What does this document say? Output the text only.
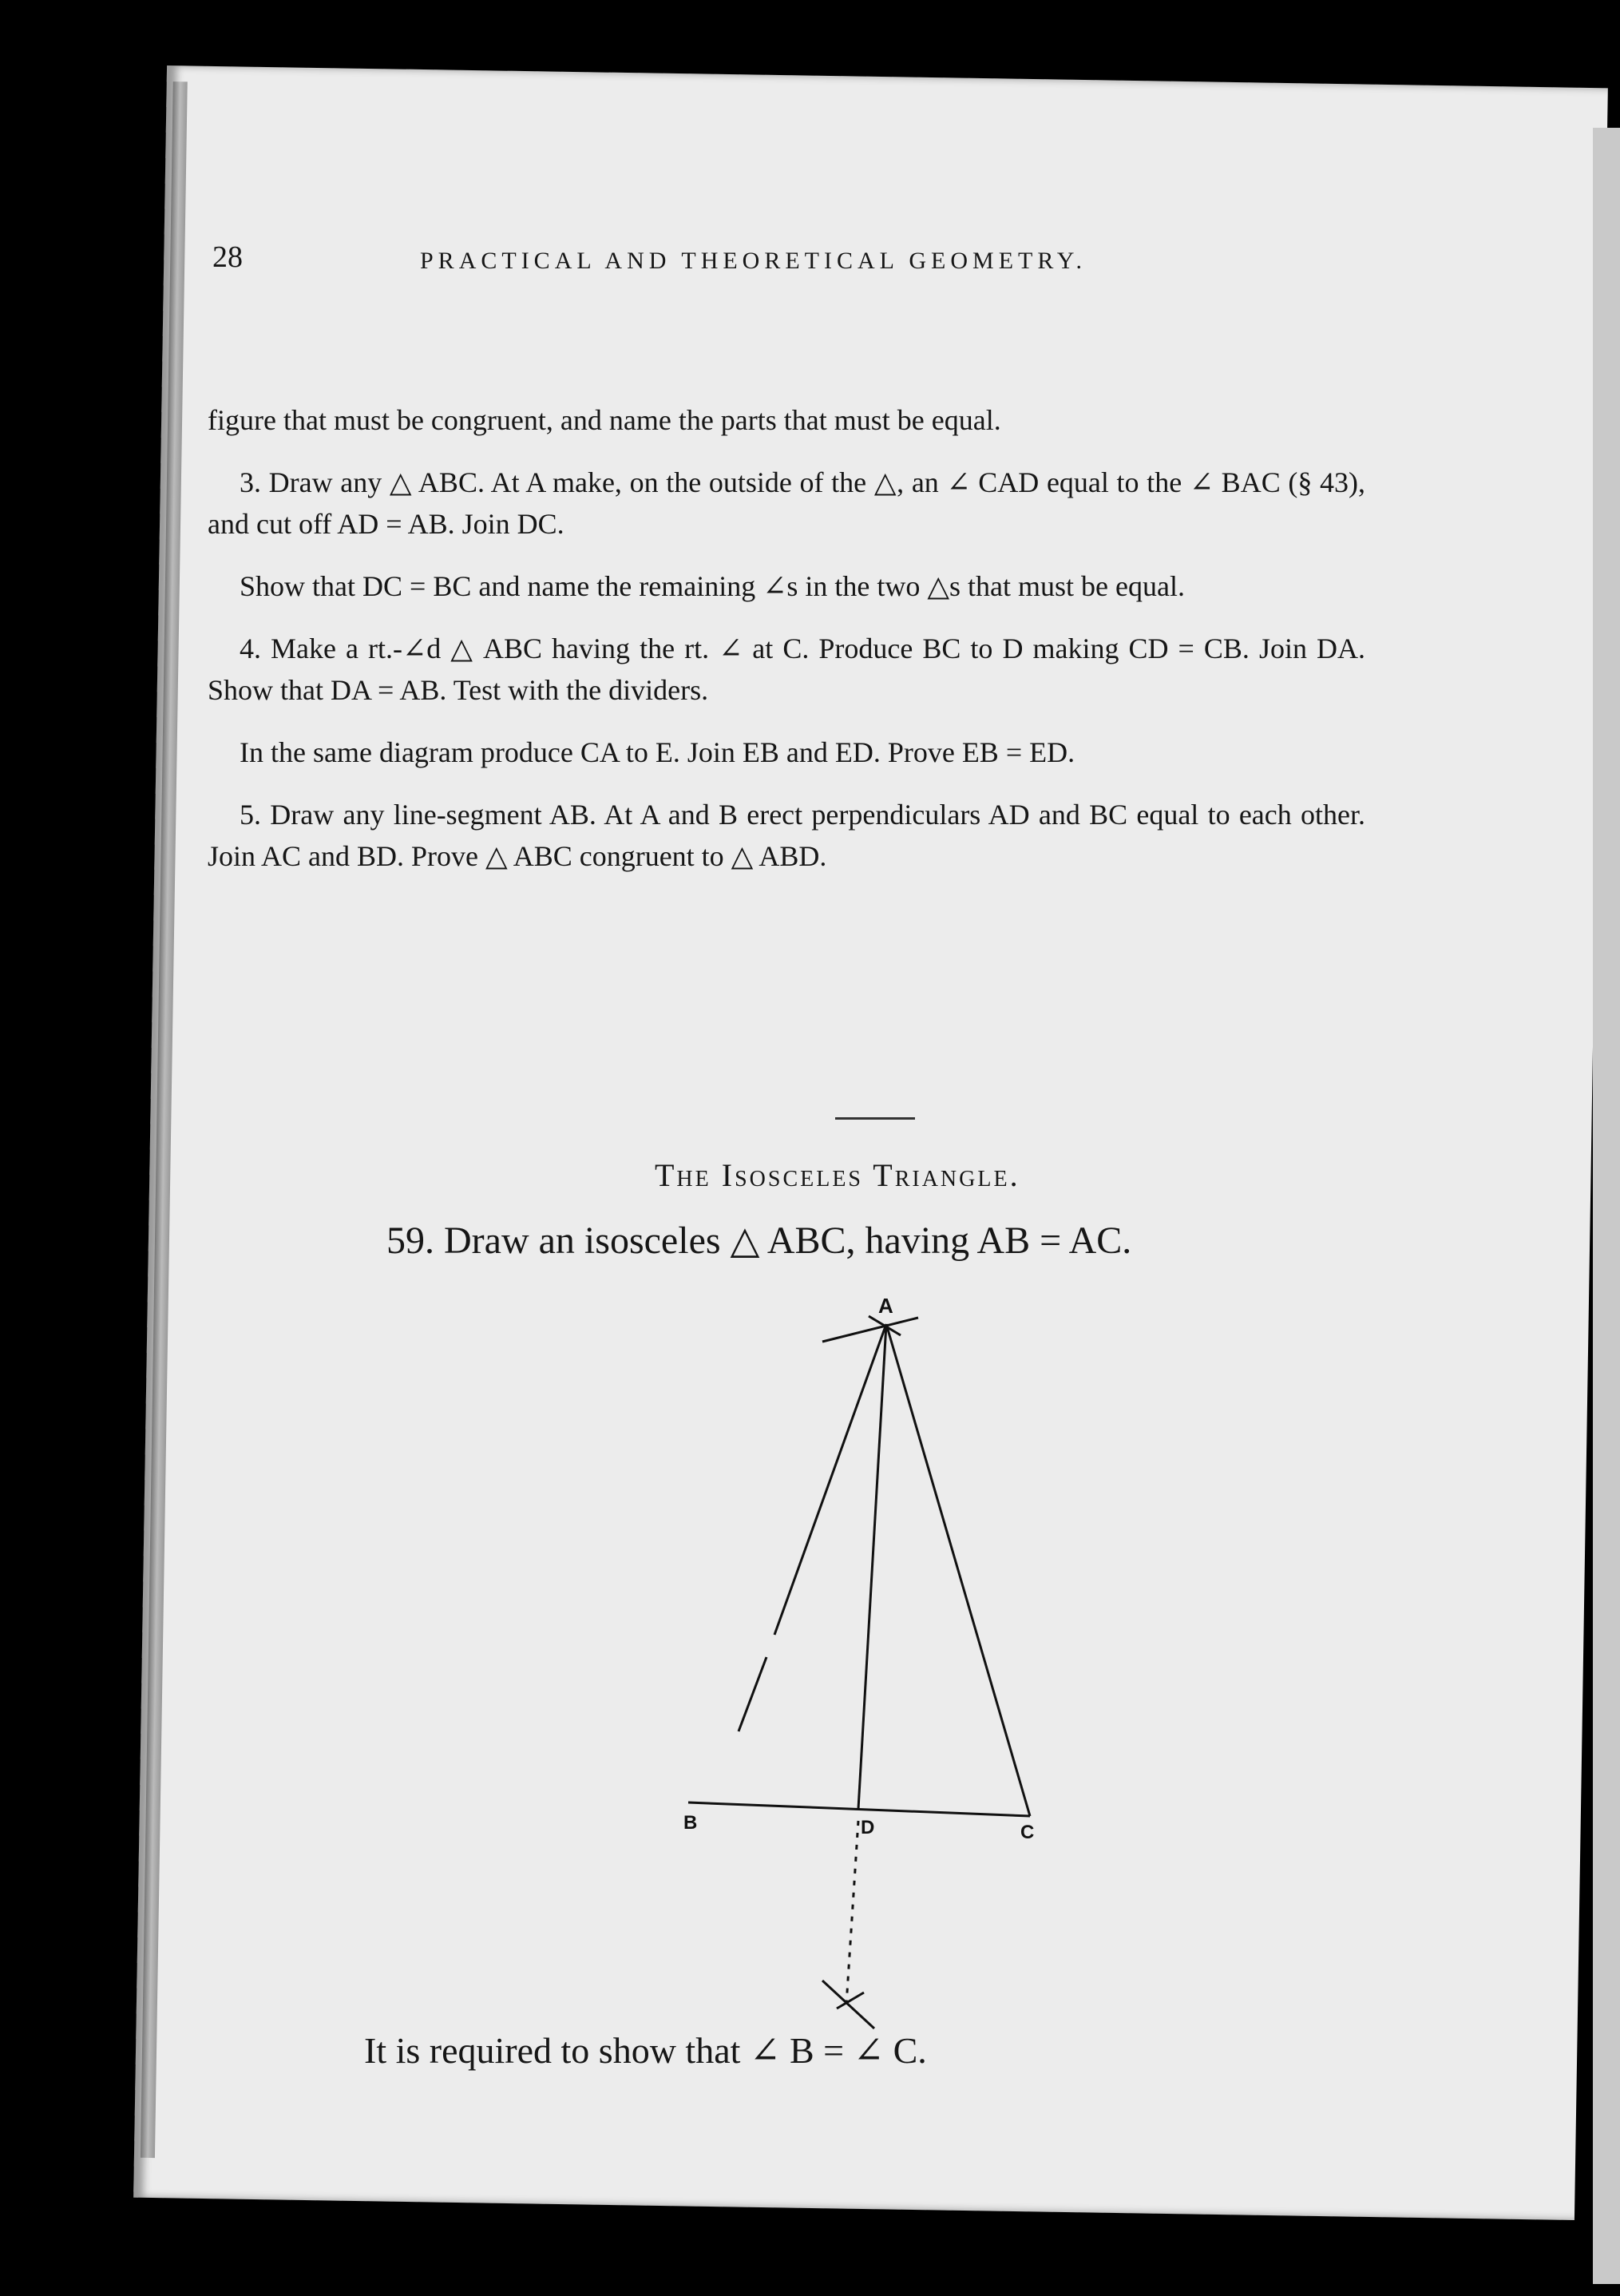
28	PRACTICAL AND THEORETICAL GEOMETRY.

figure that must be congruent, and name the parts that must be equal.

3. Draw any △ ABC. At A make, on the outside of the △, an ∠ CAD equal to the ∠ BAC (§ 43), and cut off AD = AB. Join DC.

Show that DC = BC and name the remaining ∠s in the two △s that must be equal.

4. Make a rt.-∠d △ ABC having the rt. ∠ at C. Produce BC to D making CD = CB. Join DA. Show that DA = AB. Test with the dividers.

In the same diagram produce CA to E. Join EB and ED. Prove EB = ED.

5. Draw any line-segment AB. At A and B erect perpendiculars AD and BC equal to each other. Join AC and BD. Prove △ ABC congruent to △ ABD.

The Isosceles Triangle.
59. Draw an isosceles △ ABC, having AB = AC.
A
B	D	C
It is required to show that ∠ B = ∠ C.
